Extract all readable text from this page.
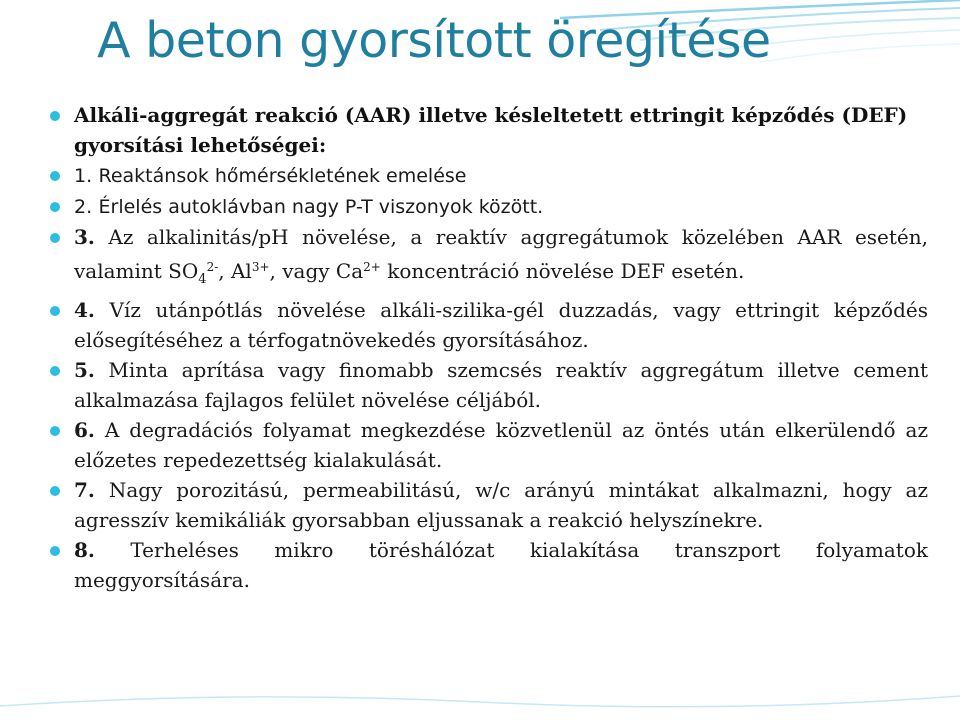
A beton gyorsított öregítése
Alkáli-aggregát reakció (AAR) illetve késleltetett ettringit képződés (DEF) gyorsítási lehetőségei:
1. Reaktánsok hőmérsékletének emelése
2. Érlelés autoklávban nagy P-T viszonyok között.
3. Az alkalinitás/pH növelése, a reaktív aggregátumok közelében AAR esetén, valamint $SO_4^{2-}$, $Al^{3+}$, vagy $Ca^{2+}$ koncentráció növelése DEF esetén.
4. Víz utánpótlás növelése alkáli-szilika-gél duzzadás, vagy ettringit képződés elősegítéséhez a térfogatnövekedés gyorsításához.
5. Minta aprítása vagy finomabb szemcsés reaktív aggregátum illetve cement alkalmazása fajlagos felület növelése céljából.
6. A degradációs folyamat megkezdése közvetlenül az öntés után elkerülendő az előzetes repedezettség kialakulását.
7. Nagy porozitású, permeabilitású, w/c arányú mintákat alkalmazni, hogy az agresszív kemikáliák gyorsabban eljussanak a reakció helyszínekre.
8. Terheléses mikro töréshálózat kialakítása transzport folyamatok meggyorsítására.
